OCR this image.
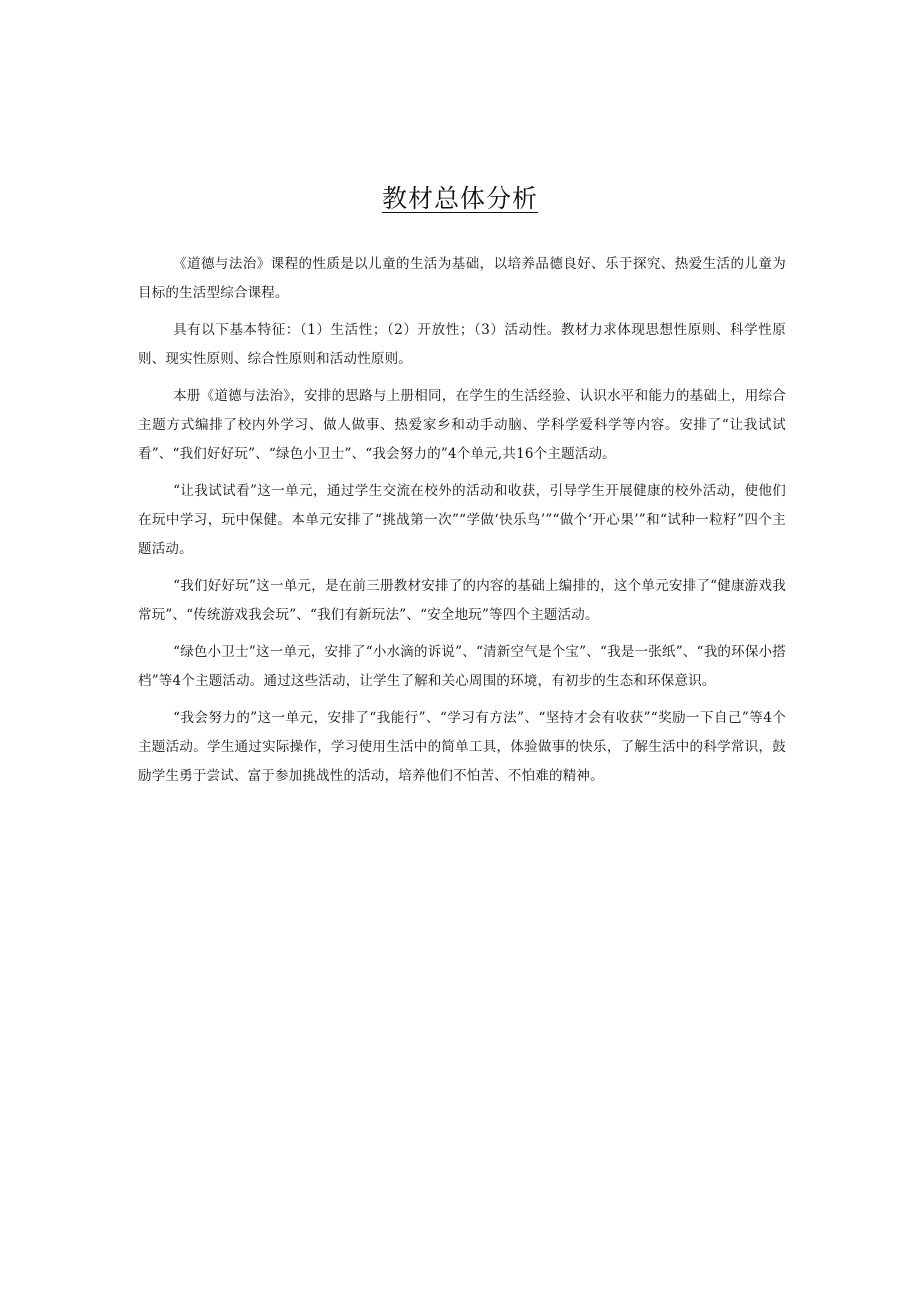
教材总体分析

《道德与法治》课程的性质是以儿童的生活为基础，以培养品德良好、乐于探究、热爱生活的儿童为目标的生活型综合课程。

具有以下基本特征：（1）生活性；（2）开放性；（3）活动性。教材力求体现思想性原则、科学性原则、现实性原则、综合性原则和活动性原则。

本册《道德与法治》，安排的思路与上册相同，在学生的生活经验、认识水平和能力的基础上，用综合主题方式编排了校内外学习、做人做事、热爱家乡和动手动脑、学科学爱科学等内容。安排了“让我试试看”、“我们好好玩”、“绿色小卫士”、“我会努力的”4个单元,共16个主题活动。

“让我试试看”这一单元，通过学生交流在校外的活动和收获，引导学生开展健康的校外活动，使他们在玩中学习，玩中保健。本单元安排了“挑战第一次”“学做‘快乐鸟’”“做个‘开心果’”和“试种一粒籽”四个主题活动。

“我们好好玩”这一单元，是在前三册教材安排了的内容的基础上编排的，这个单元安排了“健康游戏我常玩”、“传统游戏我会玩”、“我们有新玩法”、“安全地玩”等四个主题活动。

“绿色小卫士”这一单元，安排了“小水滴的诉说”、“清新空气是个宝”、“我是一张纸”、“我的环保小搭档”等4个主题活动。通过这些活动，让学生了解和关心周围的环境，有初步的生态和环保意识。

“我会努力的”这一单元，安排了“我能行”、“学习有方法”、“坚持才会有收获”“奖励一下自己”等4个主题活动。学生通过实际操作，学习使用生活中的简单工具，体验做事的快乐，了解生活中的科学常识，鼓励学生勇于尝试、富于参加挑战性的活动，培养他们不怕苦、不怕难的精神。
